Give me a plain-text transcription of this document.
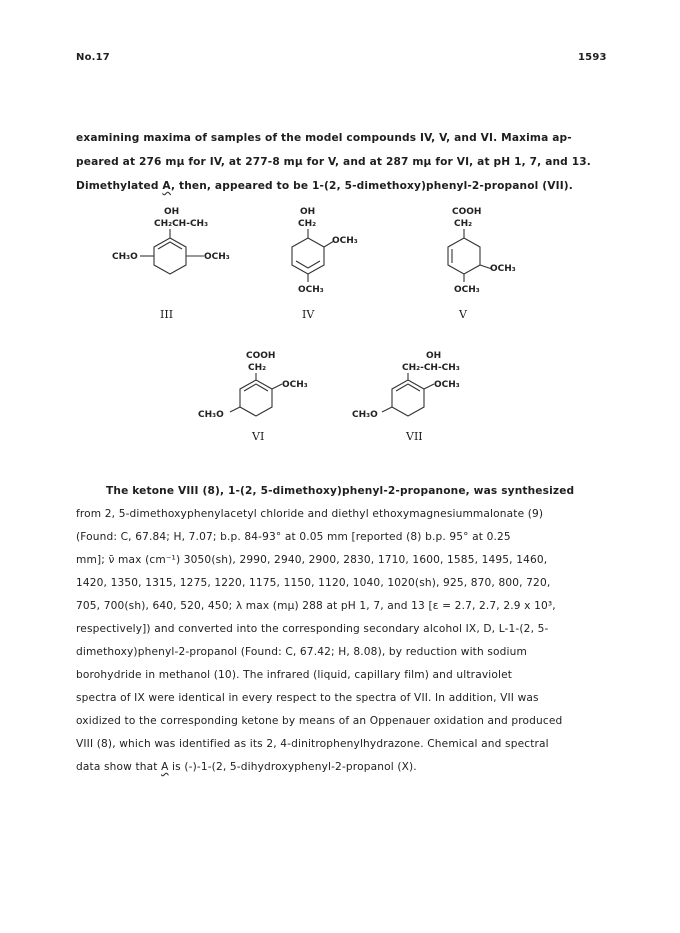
No.17	1593
examining maxima of samples of the model compounds IV, V, and VI. Maxima ap-
peared at 276 mμ for IV, at 277-8 mμ for V, and at 287 mμ for VI, at pH 1, 7, and 13.
Dimethylated A, then, appeared to be 1-(2, 5-dimethoxy)phenyl-2-propanol (VII).
OH
CH₂CH-CH₃
CH₃O	OCH₃
III
OH
CH₂
OCH₃
OCH₃
IV
COOH
CH₂
OCH₃
OCH₃
V
COOH
CH₂
OCH₃
CH₃O
VI
OH
CH₂-CH-CH₃
OCH₃
CH₃O
VII
The ketone VIII (8), 1-(2, 5-dimethoxy)phenyl-2-propanone, was synthesized
from 2, 5-dimethoxyphenylacetyl chloride and diethyl ethoxymagnesiummalonate (9)
(Found: C, 67.84; H, 7.07; b.p. 84-93° at 0.05 mm [reported (8) b.p. 95° at 0.25
mm]; ν̄ max (cm⁻¹) 3050(sh), 2990, 2940, 2900, 2830, 1710, 1600, 1585, 1495, 1460,
1420, 1350, 1315, 1275, 1220, 1175, 1150, 1120, 1040, 1020(sh), 925, 870, 800, 720,
705, 700(sh), 640, 520, 450; λ max (mμ) 288 at pH 1, 7, and 13 [ε = 2.7, 2.7, 2.9 x 10³,
respectively]) and converted into the corresponding secondary alcohol IX, D, L-1-(2, 5-
dimethoxy)phenyl-2-propanol (Found: C, 67.42; H, 8.08), by reduction with sodium
borohydride in methanol (10). The infrared (liquid, capillary film) and ultraviolet
spectra of IX were identical in every respect to the spectra of VII. In addition, VII was
oxidized to the corresponding ketone by means of an Oppenauer oxidation and produced
VIII (8), which was identified as its 2, 4-dinitrophenylhydrazone. Chemical and spectral
data show that A is (-)-1-(2, 5-dihydroxyphenyl-2-propanol (X).
